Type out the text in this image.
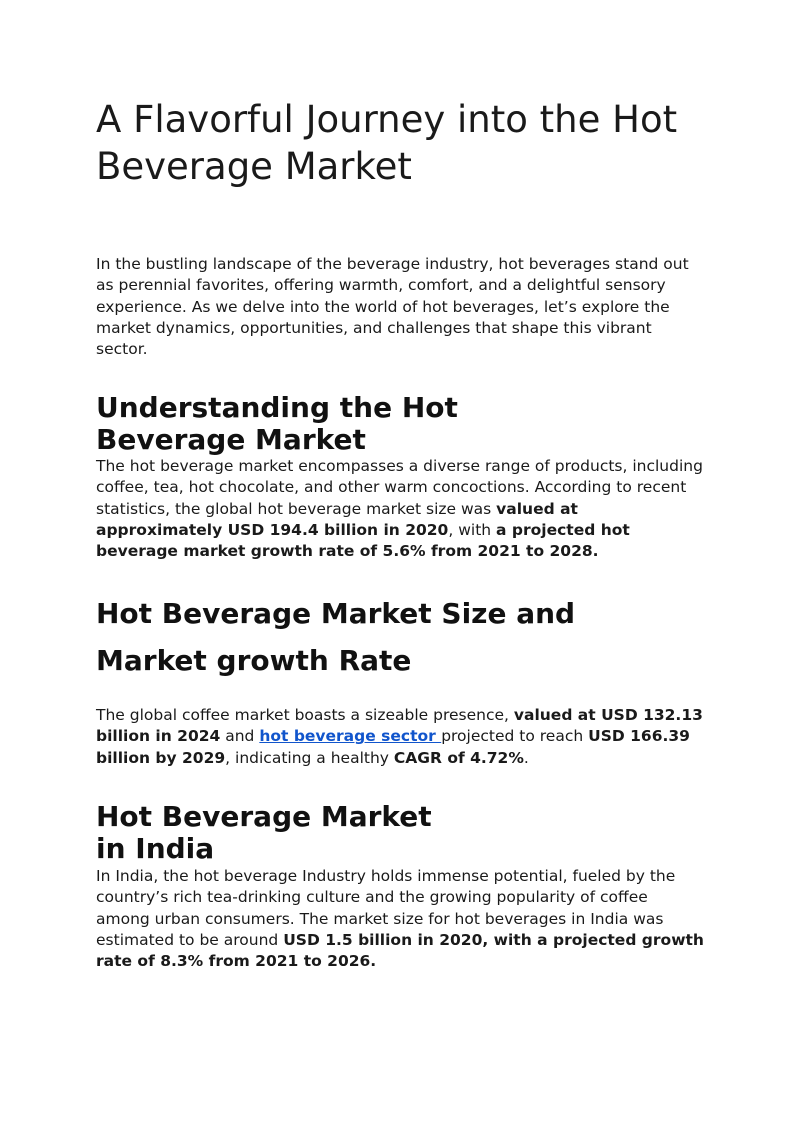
A Flavorful Journey into the Hot Beverage Market

In the bustling landscape of the beverage industry, hot beverages stand out as perennial favorites, offering warmth, comfort, and a delightful sensory experience. As we delve into the world of hot beverages, let’s explore the market dynamics, opportunities, and challenges that shape this vibrant sector.

Understanding the Hot
Beverage Market

The hot beverage market encompasses a diverse range of products, including coffee, tea, hot chocolate, and other warm concoctions. According to recent statistics, the global hot beverage market size was valued at approximately USD 194.4 billion in 2020, with a projected hot beverage market growth rate of 5.6% from 2021 to 2028.

Hot Beverage Market Size and
Market growth Rate

The global coffee market boasts a sizeable presence, valued at USD 132.13 billion in 2024 and hot beverage sector projected to reach USD 166.39 billion by 2029, indicating a healthy CAGR of 4.72%.

Hot Beverage Market
in India

In India, the hot beverage Industry holds immense potential, fueled by the country’s rich tea-drinking culture and the growing popularity of coffee among urban consumers. The market size for hot beverages in India was estimated to be around USD 1.5 billion in 2020, with a projected growth rate of 8.3% from 2021 to 2026.
